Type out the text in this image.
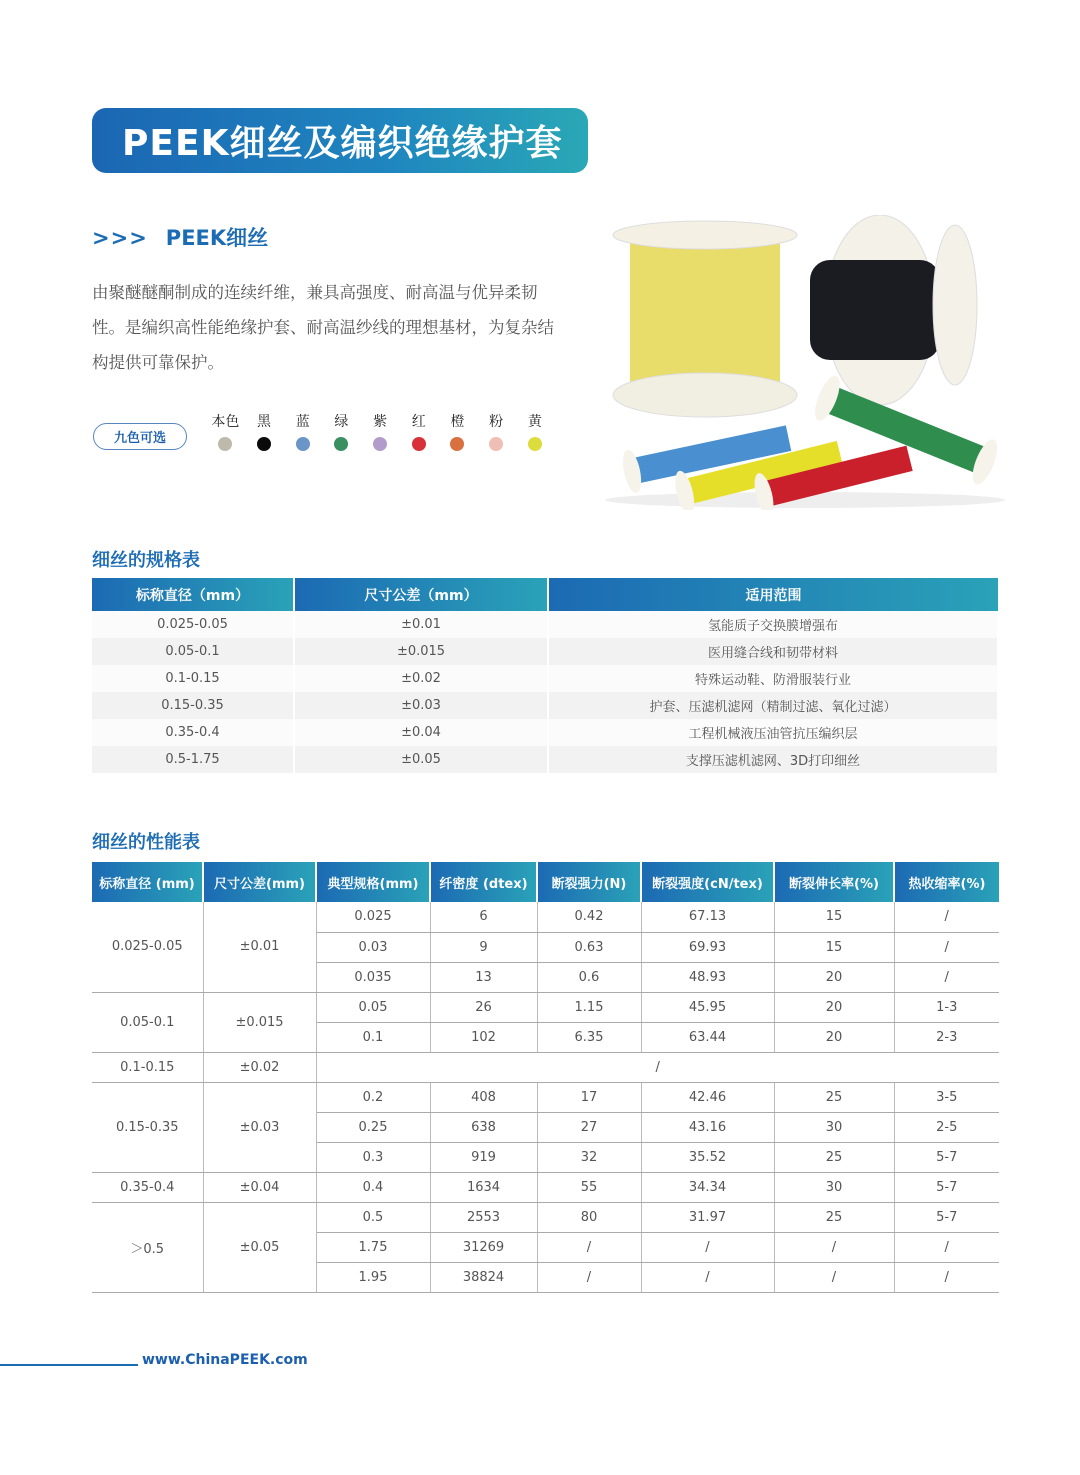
PEEK细丝及编织绝缘护套
>>> PEEK细丝
由聚醚醚酮制成的连续纤维，兼具高强度、耐高温与优异柔韧性。是编织高性能绝缘护套、耐高温纱线的理想基材，为复杂结构提供可靠保护。
九色可选
本色 黑 蓝 绿 紫 红 橙 粉 黄
细丝的规格表
标称直径（mm）	尺寸公差（mm）	适用范围
0.025-0.05	±0.01	氢能质子交换膜增强布
0.05-0.1	±0.015	医用缝合线和韧带材料
0.1-0.15	±0.02	特殊运动鞋、防滑服装行业
0.15-0.35	±0.03	护套、压滤机滤网（精制过滤、氧化过滤）
0.35-0.4	±0.04	工程机械液压油管抗压编织层
0.5-1.75	±0.05	支撑压滤机滤网、3D打印细丝
细丝的性能表
标称直径 (mm)	尺寸公差(mm)	典型规格(mm)	纤密度 (dtex)	断裂强力(N)	断裂强度(cN/tex)	断裂伸长率(%)	热收缩率(%)
0.025-0.05	±0.01	0.025	6	0.42	67.13	15	/
		0.03	9	0.63	69.93	15	/
		0.035	13	0.6	48.93	20	/
0.05-0.1	±0.015	0.05	26	1.15	45.95	20	1-3
		0.1	102	6.35	63.44	20	2-3
0.1-0.15	±0.02	/					
0.15-0.35	±0.03	0.2	408	17	42.46	25	3-5
		0.25	638	27	43.16	30	2-5
		0.3	919	32	35.52	25	5-7
0.35-0.4	±0.04	0.4	1634	55	34.34	30	5-7
＞0.5	±0.05	0.5	2553	80	31.97	25	5-7
		1.75	31269	/	/	/	/
		1.95	38824	/	/	/	/
www.ChinaPEEK.com
